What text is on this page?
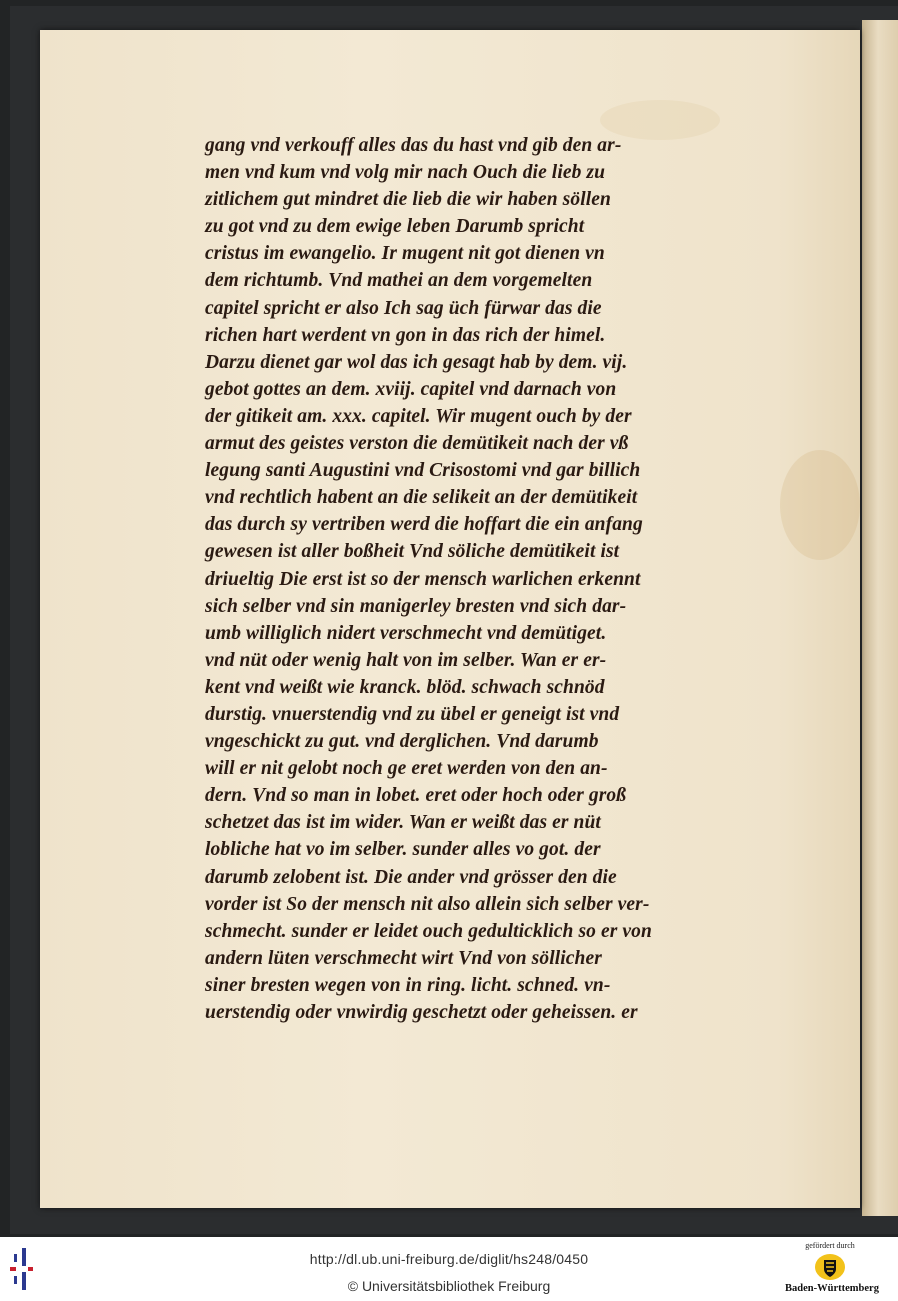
gang vnd verkouff alles das du hast vnd gib den ar-
men vnd kum vnd volg mir nach Ouch die lieb zu
zitlichem gut mindret die lieb die wir haben söllen
zu got vnd zu dem ewige leben Darumb spricht
cristus im ewangelio. Ir mugent nit got dienen vn
dem richtumb. Vnd mathei an dem vorgemelten
capitel spricht er also Ich sag üch fürwar das die
richen hart werdent vn gon in das rich der himel.
Darzu dienet gar wol das ich gesagt hab by dem. vij.
gebot gottes an dem. xviij. capitel vnd darnach von
der gitikeit am. xxx. capitel. Wir mugent ouch by der
armut des geistes verston die demütikeit nach der vß
legung santi Augustini vnd Crisostomi vnd gar billich
vnd rechtlich habent an die selikeit an der demütikeit
das durch sy vertriben werd die hoffart die ein anfang
gewesen ist aller boßheit Vnd söliche demütikeit ist
driueltig Die erst ist so der mensch warlichen erkennt
sich selber vnd sin manigerley bresten vnd sich dar-
umb williglich nidert verschmecht vnd demütiget.
vnd nüt oder wenig halt von im selber. Wan er er-
kent vnd weißt wie kranck. blöd. schwach schnöd
durstig. vnuerstendig vnd zu übel er geneigt ist vnd
vngeschickt zu gut. vnd derglichen. Vnd darumb
will er nit gelobt noch ge eret werden von den an-
dern. Vnd so man in lobet. eret oder hoch oder groß
schetzet das ist im wider. Wan er weißt das er nüt
lobliche hat vo im selber. sunder alles vo got. der
darumb zelobent ist. Die ander vnd grösser den die
vorder ist So der mensch nit also allein sich selber ver-
schmecht. sunder er leidet ouch gedulticklich so er von
andern lüten verschmecht wirt Vnd von söllicher
siner bresten wegen von in ring. licht. schned. vn-
uerstendig oder vnwirdig geschetzt oder geheissen. er
http://dl.ub.uni-freiburg.de/diglit/hs248/0450
© Universitätsbibliothek Freiburg
gefördert durch
Baden-Württemberg
